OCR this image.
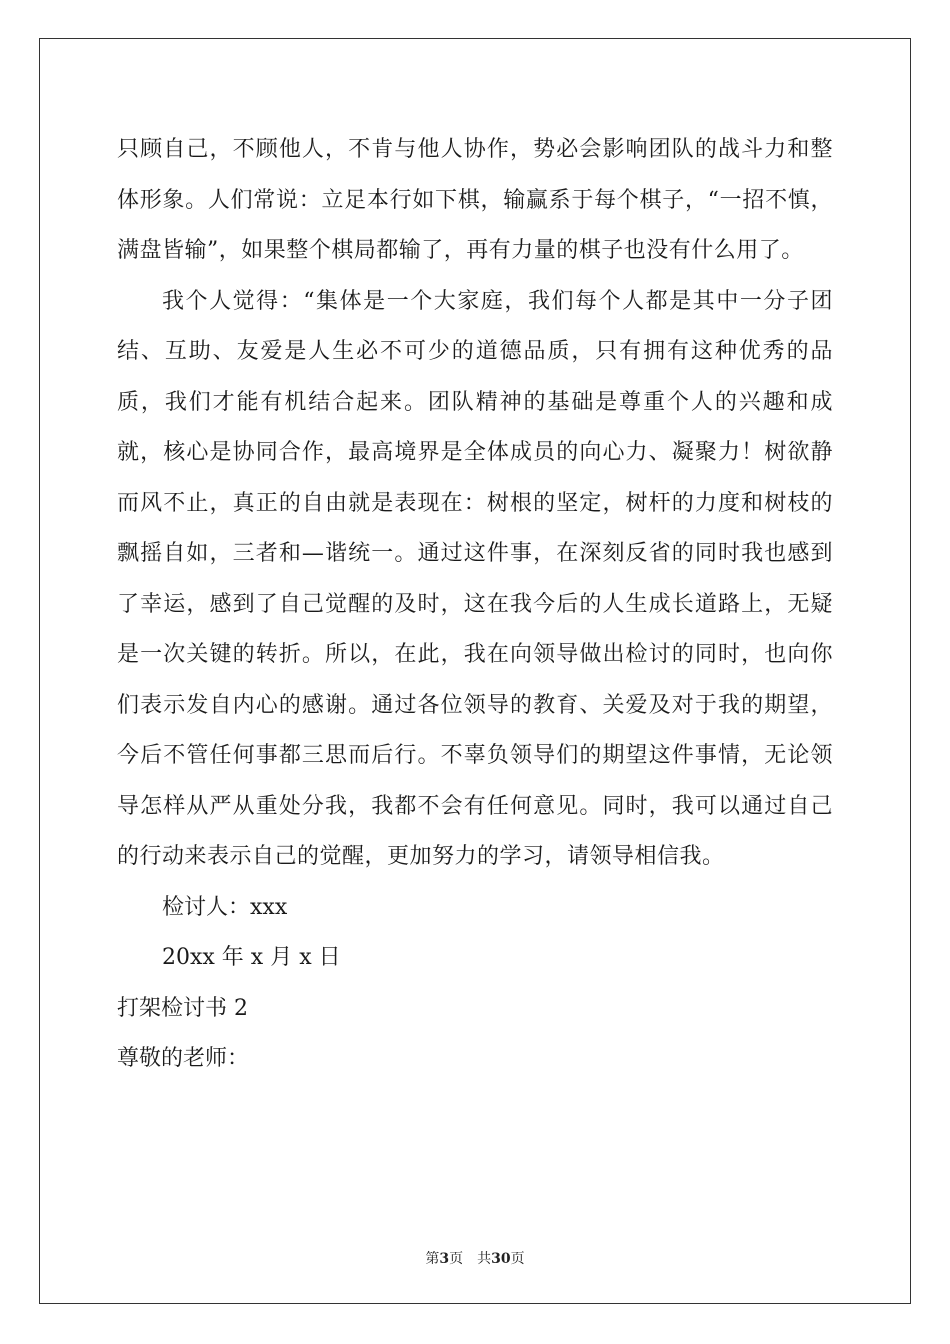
只顾自己，不顾他人，不肯与他人协作，势必会影响团队的战斗力和整体形象。人们常说：立足本行如下棋，输赢系于每个棋子，“一招不慎，满盘皆输”，如果整个棋局都输了，再有力量的棋子也没有什么用了。

我个人觉得：“集体是一个大家庭，我们每个人都是其中一分子团结、互助、友爱是人生必不可少的道德品质，只有拥有这种优秀的品质，我们才能有机结合起来。团队精神的基础是尊重个人的兴趣和成就，核心是协同合作，最高境界是全体成员的向心力、凝聚力！树欲静而风不止，真正的自由就是表现在：树根的坚定，树杆的力度和树枝的飘摇自如，三者和—谐统一。通过这件事，在深刻反省的同时我也感到了幸运，感到了自己觉醒的及时，这在我今后的人生成长道路上，无疑是一次关键的转折。所以，在此，我在向领导做出检讨的同时，也向你们表示发自内心的感谢。通过各位领导的教育、关爱及对于我的期望，今后不管任何事都三思而后行。不辜负领导们的期望这件事情，无论领导怎样从严从重处分我，我都不会有任何意见。同时，我可以通过自己的行动来表示自己的觉醒，更加努力的学习，请领导相信我。

检讨人：xxx

20xx 年 x 月 x 日

打架检讨书 2

尊敬的老师：

第3页　共30页
